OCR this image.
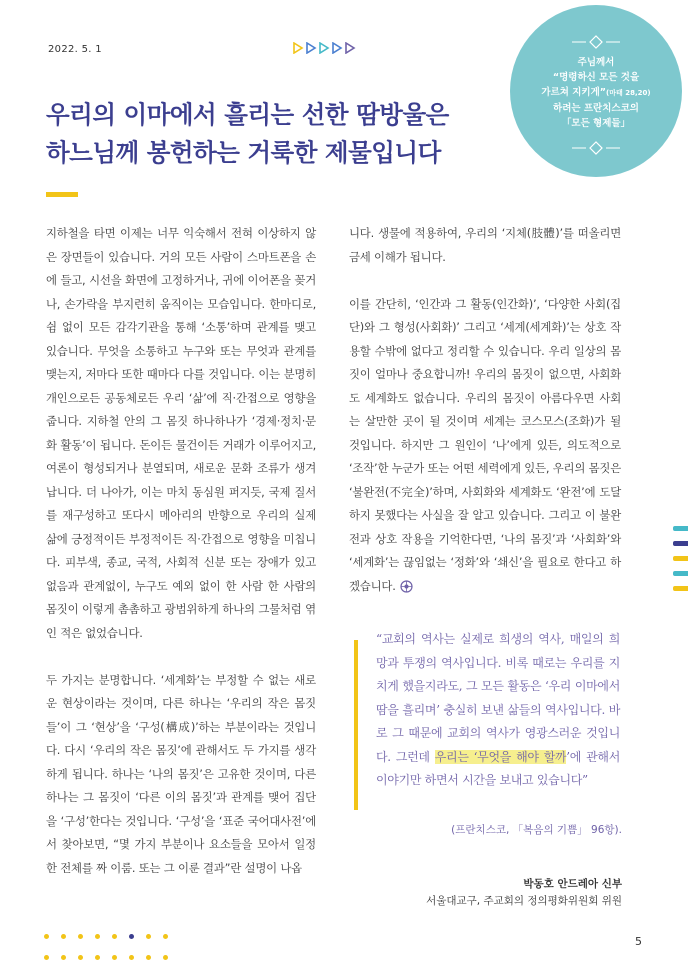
2022. 5. 1
주님께서
“명령하신 모든 것을
가르쳐 지키게”(마태 28,20)
하려는 프란치스코의
「모든 형제들」
우리의 이마에서 흘리는 선한 땀방울은
하느님께 봉헌하는 거룩한 제물입니다

지하철을 타면 이제는 너무 익숙해서 전혀 이상하지 않은 장면들이 있습니다. 거의 모든 사람이 스마트폰을 손에 들고, 시선을 화면에 고정하거나, 귀에 이어폰을 꽂거나, 손가락을 부지런히 움직이는 모습입니다. 한마디로, 쉼 없이 모든 감각기관을 통해 ‘소통’하며 관계를 맺고 있습니다. 무엇을 소통하고 누구와 또는 무엇과 관계를 맺는지, 저마다 또한 때마다 다를 것입니다. 이는 분명히 개인으로든 공동체로든 우리 ‘삶’에 직·간접으로 영향을 줍니다. 지하철 안의 그 몸짓 하나하나가 ‘경제·정치·문화 활동’이 됩니다. 돈이든 물건이든 거래가 이루어지고, 여론이 형성되거나 분열되며, 새로운 문화 조류가 생겨납니다. 더 나아가, 이는 마치 동심원 퍼지듯, 국제 질서를 재구성하고 또다시 메아리의 반향으로 우리의 실제 삶에 긍정적이든 부정적이든 직·간접으로 영향을 미칩니다. 피부색, 종교, 국적, 사회적 신분 또는 장애가 있고 없음과 관계없이, 누구도 예외 없이 한 사람 한 사람의 몸짓이 이렇게 촘촘하고 광범위하게 하나의 그물처럼 엮인 적은 없었습니다.

두 가지는 분명합니다. ‘세계화’는 부정할 수 없는 새로운 현상이라는 것이며, 다른 하나는 ‘우리의 작은 몸짓들’이 그 ‘현상’을 ‘구성(構成)’하는 부분이라는 것입니다. 다시 ‘우리의 작은 몸짓’에 관해서도 두 가지를 생각하게 됩니다. 하나는 ‘나의 몸짓’은 고유한 것이며, 다른 하나는 그 몸짓이 ‘다른 이의 몸짓’과 관계를 맺어 집단을 ‘구성’한다는 것입니다. ‘구성’을 ‘표준 국어대사전’에서 찾아보면, “몇 가지 부분이나 요소들을 모아서 일정한 전체를 짜 이룸. 또는 그 이룬 결과”란 설명이 나옵

니다. 생물에 적용하여, 우리의 ‘지체(肢體)’를 떠올리면 금세 이해가 됩니다.

이를 간단히, ‘인간과 그 활동(인간화)’, ‘다양한 사회(집단)와 그 형성(사회화)’ 그리고 ‘세계(세계화)’는 상호 작용할 수밖에 없다고 정리할 수 있습니다. 우리 일상의 몸짓이 얼마나 중요합니까! 우리의 몸짓이 없으면, 사회화도 세계화도 없습니다. 우리의 몸짓이 아름다우면 사회는 살만한 곳이 될 것이며 세계는 코스모스(조화)가 될 것입니다. 하지만 그 원인이 ‘나’에게 있든, 의도적으로 ‘조작’한 누군가 또는 어떤 세력에게 있든, 우리의 몸짓은 ‘불완전(不完全)’하며, 사회화와 세계화도 ‘완전’에 도달하지 못했다는 사실을 잘 알고 있습니다. 그리고 이 불완전과 상호 작용을 기억한다면, ‘나의 몸짓’과 ‘사회화’와 ‘세계화’는 끊임없는 ‘정화’와 ‘쇄신’을 필요로 한다고 하겠습니다.

“교회의 역사는 실제로 희생의 역사, 매일의 희망과 투쟁의 역사입니다. 비록 때로는 우리를 지치게 했을지라도, 그 모든 활동은 ‘우리 이마에서 땀을 흘리며’ 충실히 보낸 삶들의 역사입니다. 바로 그 때문에 교회의 역사가 영광스러운 것입니다. 그런데 우리는 ‘무엇을 해야 할까’에 관해서 이야기만 하면서 시간을 보내고 있습니다”
(프란치스코, 「복음의 기쁨」 96항).
박동호 안드레아 신부
서울대교구, 주교회의 정의평화위원회 위원
5
